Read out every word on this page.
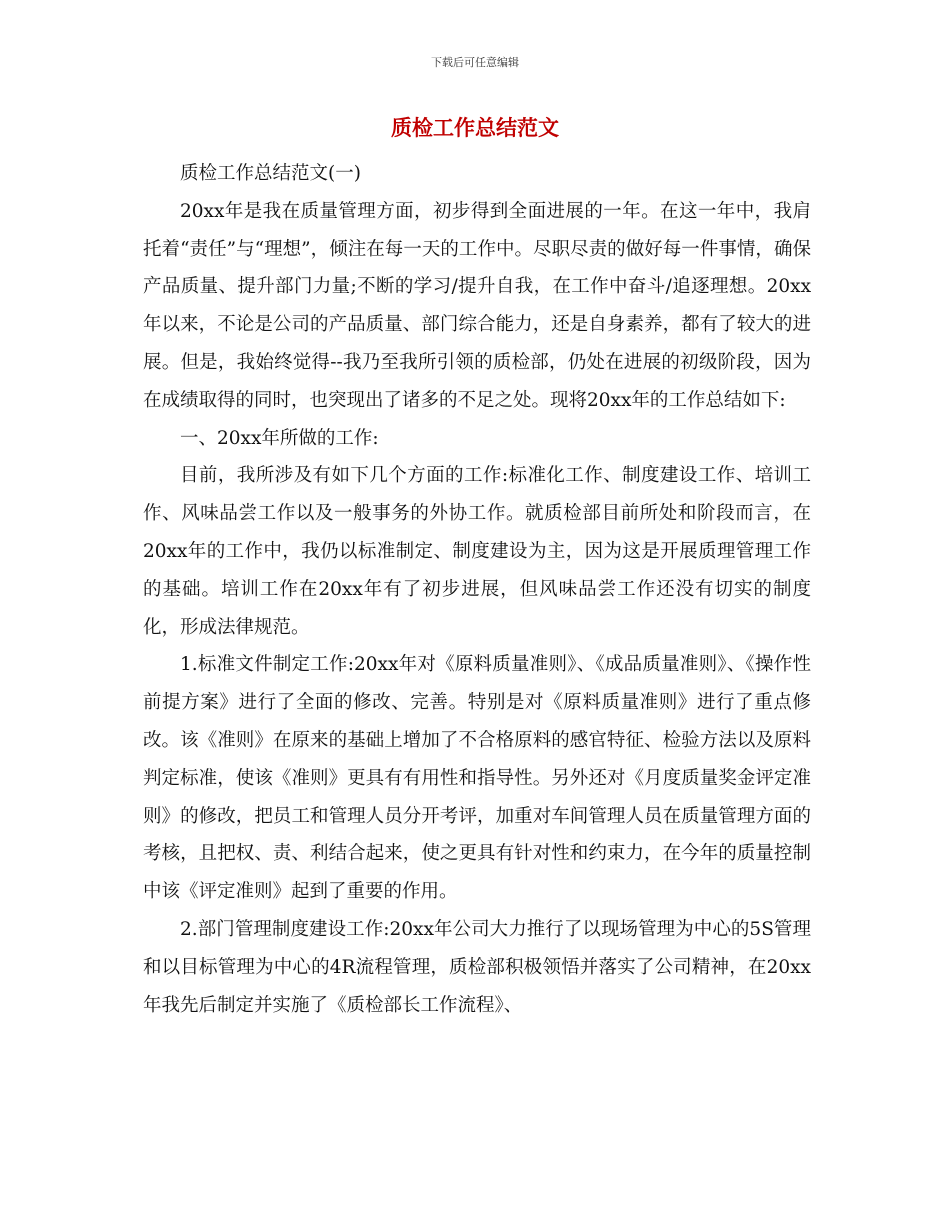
下载后可任意编辑
质检工作总结范文

质检工作总结范文(一)

20xx年是我在质量管理方面，初步得到全面进展的一年。在这一年中，我肩托着“责任”与“理想”，倾注在每一天的工作中。尽职尽责的做好每一件事情，确保产品质量、提升部门力量;不断的学习/提升自我，在工作中奋斗/追逐理想。20xx年以来，不论是公司的产品质量、部门综合能力，还是自身素养，都有了较大的进展。但是，我始终觉得--我乃至我所引领的质检部，仍处在进展的初级阶段，因为在成绩取得的同时，也突现出了诸多的不足之处。现将20xx年的工作总结如下:

一、20xx年所做的工作:

目前，我所涉及有如下几个方面的工作:标准化工作、制度建设工作、培训工作、风味品尝工作以及一般事务的外协工作。就质检部目前所处和阶段而言，在20xx年的工作中，我仍以标准制定、制度建设为主，因为这是开展质理管理工作的基础。培训工作在20xx年有了初步进展，但风味品尝工作还没有切实的制度化，形成法律规范。

1.标准文件制定工作:20xx年对《原料质量准则》、《成品质量准则》、《操作性前提方案》进行了全面的修改、完善。特别是对《原料质量准则》进行了重点修改。该《准则》在原来的基础上增加了不合格原料的感官特征、检验方法以及原料判定标准，使该《准则》更具有有用性和指导性。另外还对《月度质量奖金评定准则》的修改，把员工和管理人员分开考评，加重对车间管理人员在质量管理方面的考核，且把权、责、利结合起来，使之更具有针对性和约束力，在今年的质量控制中该《评定准则》起到了重要的作用。

2.部门管理制度建设工作:20xx年公司大力推行了以现场管理为中心的5S管理和以目标管理为中心的4R流程管理，质检部积极领悟并落实了公司精神，在20xx年我先后制定并实施了《质检部长工作流程》、
